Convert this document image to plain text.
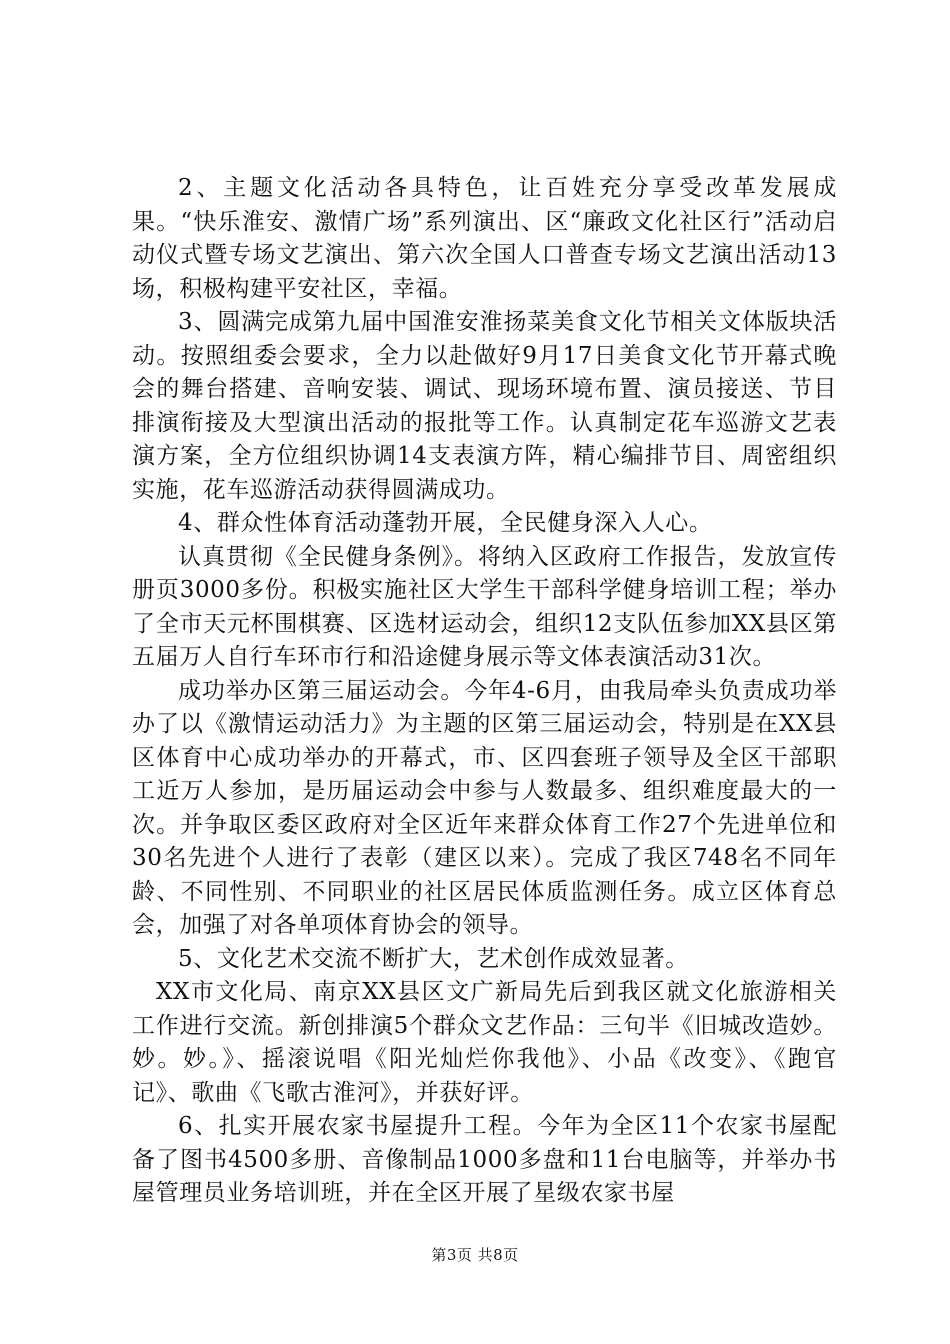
2、主题文化活动各具特色，让百姓充分享受改革发展成果。“快乐淮安、激情广场”系列演出、区“廉政文化社区行”活动启动仪式暨专场文艺演出、第六次全国人口普查专场文艺演出活动13场，积极构建平安社区，幸福。

3、圆满完成第九届中国淮安淮扬菜美食文化节相关文体版块活动。按照组委会要求，全力以赴做好9月17日美食文化节开幕式晚会的舞台搭建、音响安装、调试、现场环境布置、演员接送、节目排演衔接及大型演出活动的报批等工作。认真制定花车巡游文艺表演方案，全方位组织协调14支表演方阵，精心编排节目、周密组织实施，花车巡游活动获得圆满成功。

4、群众性体育活动蓬勃开展，全民健身深入人心。

认真贯彻《全民健身条例》。将纳入区政府工作报告，发放宣传册页3000多份。积极实施社区大学生干部科学健身培训工程；举办了全市天元杯围棋赛、区选材运动会，组织12支队伍参加XX县区第五届万人自行车环市行和沿途健身展示等文体表演活动31次。

成功举办区第三届运动会。今年4-6月，由我局牵头负责成功举办了以《激情运动活力》为主题的区第三届运动会，特别是在XX县区体育中心成功举办的开幕式，市、区四套班子领导及全区干部职工近万人参加，是历届运动会中参与人数最多、组织难度最大的一次。并争取区委区政府对全区近年来群众体育工作27个先进单位和30名先进个人进行了表彰（建区以来）。完成了我区748名不同年龄、不同性别、不同职业的社区居民体质监测任务。成立区体育总会，加强了对各单项体育协会的领导。

5、文化艺术交流不断扩大，艺术创作成效显著。

XX市文化局、南京XX县区文广新局先后到我区就文化旅游相关工作进行交流。新创排演5个群众文艺作品：三句半《旧城改造妙。妙。妙。》、摇滚说唱《阳光灿烂你我他》、小品《改变》、《跑官记》、歌曲《飞歌古淮河》，并获好评。

6、扎实开展农家书屋提升工程。今年为全区11个农家书屋配备了图书4500多册、音像制品1000多盘和11台电脑等，并举办书屋管理员业务培训班，并在全区开展了星级农家书屋

第3页 共8页
